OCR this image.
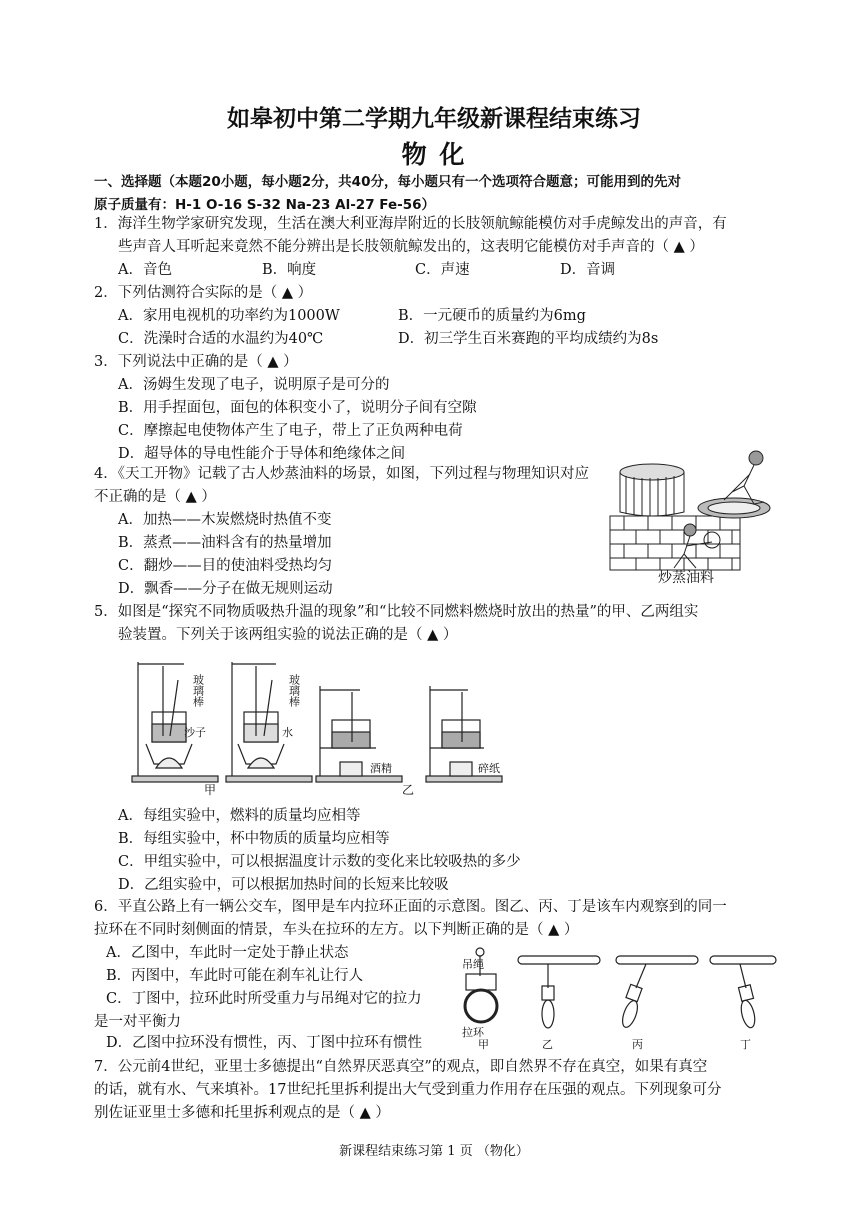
如皋初中第二学期九年级新课程结束练习
物 化
一、选择题（本题20小题，每小题2分，共40分，每小题只有一个选项符合题意；可能用到的先对
原子质量有：H-1 O-16 S-32 Na-23 Al-27 Fe-56）
1．海洋生物学家研究发现，生活在澳大利亚海岸附近的长肢领航鲸能模仿对手虎鲸发出的声音，有
些声音人耳听起来竟然不能分辨出是长肢领航鲸发出的，这表明它能模仿对手声音的（ ▲ ）
A．音色	B．响度	C．声速	D．音调
2．下列估测符合实际的是（ ▲ ）
A．家用电视机的功率约为1000W	B．一元硬币的质量约为6mg
C．洗澡时合适的水温约为40℃	D．初三学生百米赛跑的平均成绩约为8s
3．下列说法中正确的是（ ▲ ）
A．汤姆生发现了电子，说明原子是可分的
B．用手捏面包，面包的体积变小了，说明分子间有空隙
C．摩擦起电使物体产生了电子，带上了正负两种电荷
D．超导体的导电性能介于导体和绝缘体之间
4．《天工开物》记载了古人炒蒸油料的场景，如图，下列过程与物理知识对应
不正确的是（ ▲ ）
A．加热——木炭燃烧时热值不变
B．蒸煮——油料含有的热量增加
C．翻炒——目的使油料受热均匀
D．飘香——分子在做无规则运动
炒蒸油料
5．如图是“探究不同物质吸热升温的现象”和“比较不同燃料燃烧时放出的热量”的甲、乙两组实
验装置。下列关于该两组实验的说法正确的是（ ▲ ）
玻璃棒	玻璃棒
沙子	水
酒精	碎纸
甲	乙
A．每组实验中，燃料的质量均应相等
B．每组实验中，杯中物质的质量均应相等
C．甲组实验中，可以根据温度计示数的变化来比较吸热的多少
D．乙组实验中，可以根据加热时间的长短来比较吸
6．平直公路上有一辆公交车，图甲是车内拉环正面的示意图。图乙、丙、丁是该车内观察到的同一
拉环在不同时刻侧面的情景，车头在拉环的左方。以下判断正确的是（ ▲ ）
A．乙图中，车此时一定处于静止状态
B．丙图中，车此时可能在刹车礼让行人
C．丁图中，拉环此时所受重力与吊绳对它的拉力
是一对平衡力
D．乙图中拉环没有惯性，丙、丁图中拉环有惯性
吊绳
拉环
甲	乙	丙	丁
7．公元前4世纪，亚里士多德提出“自然界厌恶真空”的观点，即自然界不存在真空，如果有真空
的话，就有水、气来填补。17世纪托里拆利提出大气受到重力作用存在压强的观点。下列现象可分
别佐证亚里士多德和托里拆利观点的是（ ▲ ）
新课程结束练习第 1 页 （物化）
